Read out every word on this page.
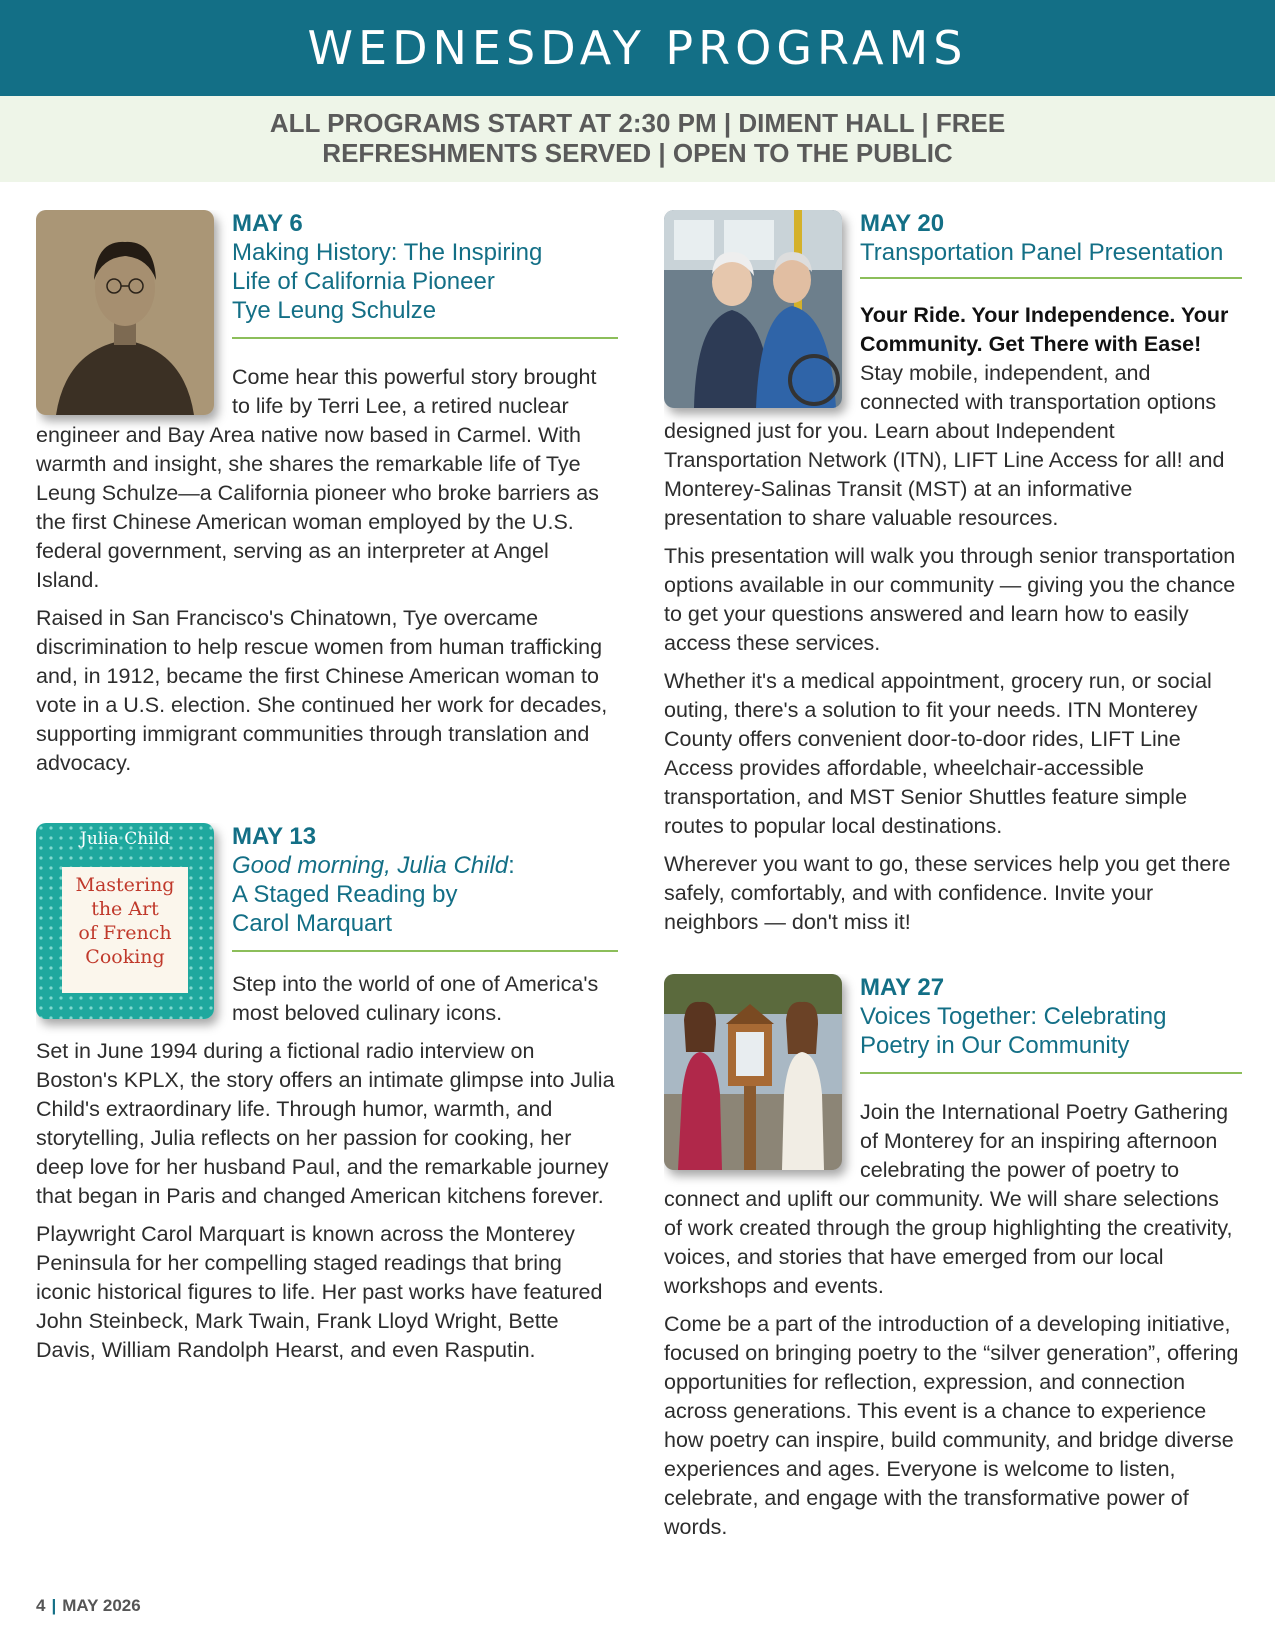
WEDNESDAY PROGRAMS
ALL PROGRAMS START AT 2:30 PM | DIMENT HALL | FREE
REFRESHMENTS SERVED | OPEN TO THE PUBLIC
MAY 6
Making History: The Inspiring
Life of California Pioneer
Tye Leung Schulze

Come hear this powerful story brought to life by Terri Lee, a retired nuclear engineer and Bay Area native now based in Carmel. With warmth and insight, she shares the remarkable life of Tye Leung Schulze—a California pioneer who broke barriers as the first Chinese American woman employed by the U.S. federal government, serving as an interpreter at Angel Island.

Raised in San Francisco's Chinatown, Tye overcame discrimination to help rescue women from human trafficking and, in 1912, became the first Chinese American woman to vote in a U.S. election. She continued her work for decades, supporting immigrant communities through translation and advocacy.

Julia Child
Mastering
the Art
of French
Cooking
MAY 13
Good morning, Julia Child:
A Staged Reading by
Carol Marquart

Step into the world of one of America's most beloved culinary icons.

Set in June 1994 during a fictional radio interview on Boston's KPLX, the story offers an intimate glimpse into Julia Child's extraordinary life. Through humor, warmth, and storytelling, Julia reflects on her passion for cooking, her deep love for her husband Paul, and the remarkable journey that began in Paris and changed American kitchens forever.

Playwright Carol Marquart is known across the Monterey Peninsula for her compelling staged readings that bring iconic historical figures to life. Her past works have featured John Steinbeck, Mark Twain, Frank Lloyd Wright, Bette Davis, William Randolph Hearst, and even Rasputin.

MAY 20
Transportation Panel Presentation

Your Ride. Your Independence. Your Community. Get There with Ease! Stay mobile, independent, and connected with transportation options designed just for you. Learn about Independent Transportation Network (ITN), LIFT Line Access for all! and Monterey-Salinas Transit (MST) at an informative presentation to share valuable resources.

This presentation will walk you through senior transportation options available in our community — giving you the chance to get your questions answered and learn how to easily access these services.

Whether it's a medical appointment, grocery run, or social outing, there's a solution to fit your needs. ITN Monterey County offers convenient door-to-door rides, LIFT Line Access provides affordable, wheelchair-accessible transportation, and MST Senior Shuttles feature simple routes to popular local destinations.

Wherever you want to go, these services help you get there safely, comfortably, and with confidence. Invite your neighbors — don't miss it!

MAY 27
Voices Together: Celebrating
Poetry in Our Community

Join the International Poetry Gathering of Monterey for an inspiring afternoon celebrating the power of poetry to connect and uplift our community. We will share selections of work created through the group highlighting the creativity, voices, and stories that have emerged from our local workshops and events.

Come be a part of the introduction of a developing initiative, focused on bringing poetry to the “silver generation”, offering opportunities for reflection, expression, and connection across generations. This event is a chance to experience how poetry can inspire, build community, and bridge diverse experiences and ages. Everyone is welcome to listen, celebrate, and engage with the transformative power of words.

4 | MAY 2026
